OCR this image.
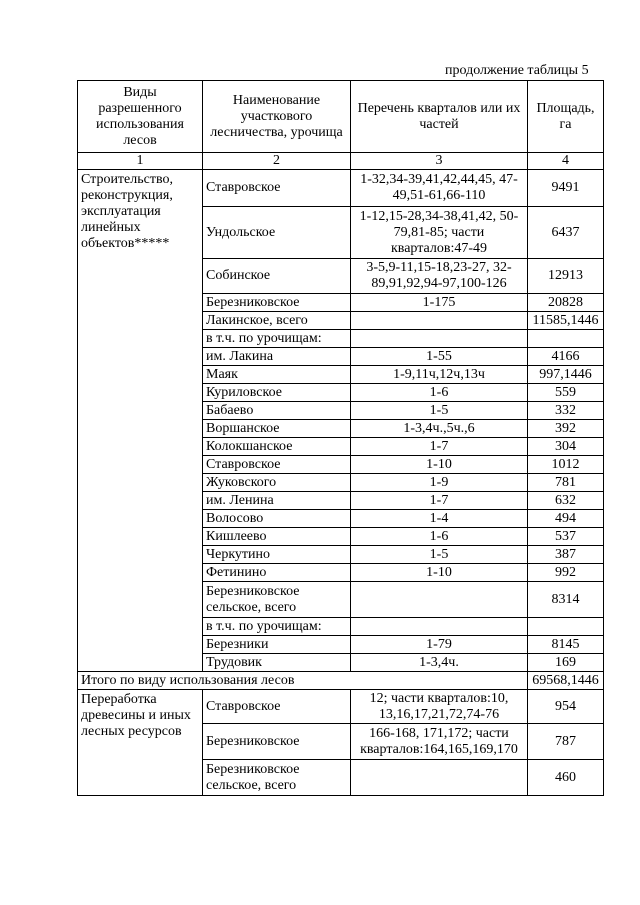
продолжение таблицы 5
Виды разрешенного использования лесов	Наименование участкового лесничества, урочища	Перечень кварталов или их частей	Площадь, га
1	2	3	4
Строительство, реконструкция, эксплуатация линейных объектов*****	Ставровское	1-32,34-39,41,42,44,45, 47-49,51-61,66-110	9491
	Ундольское	1-12,15-28,34-38,41,42, 50-79,81-85; части кварталов:47-49	6437
	Собинское	3-5,9-11,15-18,23-27, 32-89,91,92,94-97,100-126	12913
	Березниковское	1-175	20828
	Лакинское, всего		11585,1446
	в т.ч. по урочищам:		
	им. Лакина	1-55	4166
	Маяк	1-9,11ч,12ч,13ч	997,1446
	Куриловское	1-6	559
	Бабаево	1-5	332
	Воршанское	1-3,4ч.,5ч.,6	392
	Колокшанское	1-7	304
	Ставровское	1-10	1012
	Жуковского	1-9	781
	им. Ленина	1-7	632
	Волосово	1-4	494
	Кишлеево	1-6	537
	Черкутино	1-5	387
	Фетинино	1-10	992
	Березниковское сельское, всего		8314
	в т.ч. по урочищам:		
	Березники	1-79	8145
	Трудовик	1-3,4ч.	169
Итого по виду использования лесов			69568,1446
Переработка древесины и иных лесных ресурсов	Ставровское	12; части кварталов:10, 13,16,17,21,72,74-76	954
	Березниковское	166-168, 171,172; части кварталов:164,165,169,170	787
	Березниковское сельское, всего		460
